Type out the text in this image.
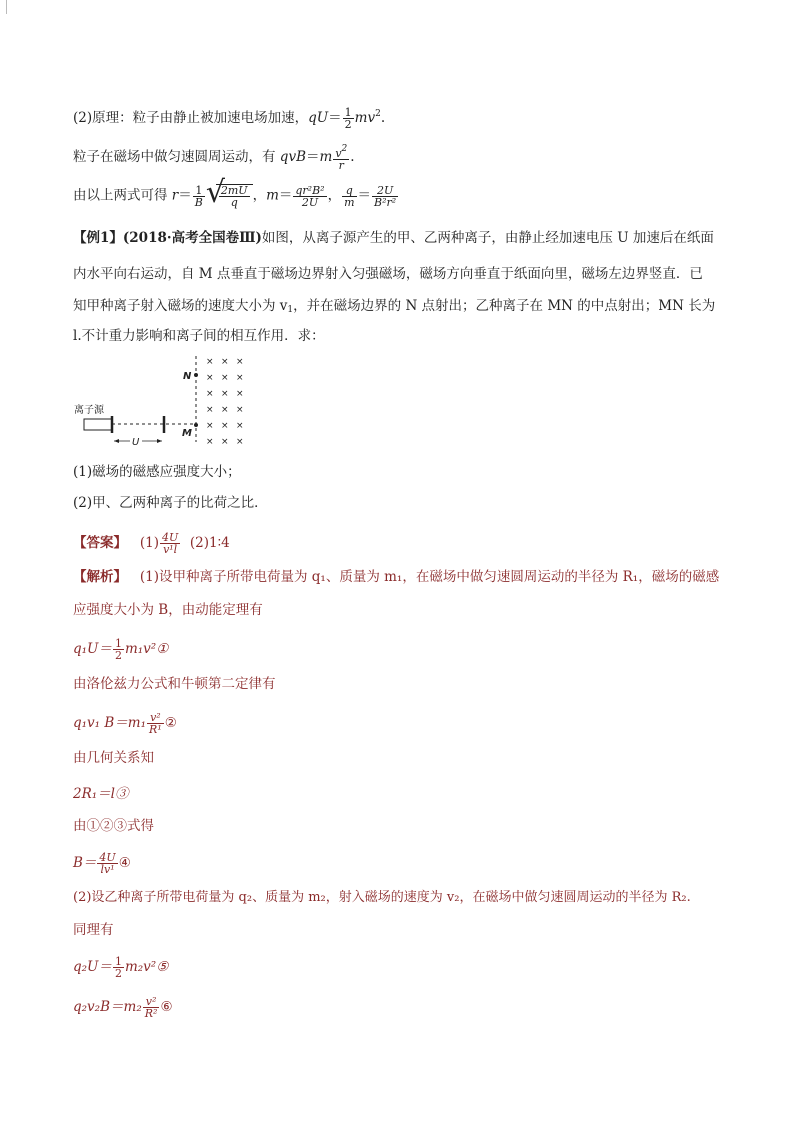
(2)原理：粒子由静止被加速电场加速，$qU= \frac{1}{2} mv^2$.
粒子在磁场中做匀速圆周运动，有 $qvB=m \frac{v^2}{r}$ .
由以上两式可得 $r= \frac{1}{B}$ √
$\frac{2mU}{q}$ ，$m= \frac{\text{qr²B²}}{2U}$ ， $\frac{q}{m} = \frac{2U}{\text{B²r²}}$
【例1】(2018·高考全国卷Ⅲ)如图，从离子源产生的甲、乙两种离子，由静止经加速电压 U 加速后在纸面
内水平向右运动，自 M 点垂直于磁场边界射入匀强磁场，磁场方向垂直于纸面向里，磁场左边界竖直．已
知甲种离子射入磁场的速度大小为 $v_1$，并在磁场边界的 N 点射出；乙种离子在 MN 的中点射出；MN 长为
l.不计重力影响和离子间的相互作用．求：
离子源
U
N
M
× × ×
× × ×
× × ×
× × ×
× × ×
× × ×
(1)磁场的磁感应强度大小；
(2)甲、乙两种离子的比荷之比．
【答案】 $(1) \frac{4U}{\text{v¹l}}$ (2)1∶4
【解析】 (1)设甲种离子所带电荷量为 q₁、质量为 m₁，在磁场中做匀速圆周运动的半径为 R₁，磁场的磁感
应强度大小为 B，由动能定理有
$q_1U= \frac{1}{2}$ m₁v²①
由洛伦兹力公式和牛顿第二定律有
q₁v₁ $B=m_1 \frac{\text{v²}}{\text{R¹}}$ ②
由几何关系知
2R₁＝l③
由①②③式得
$B= \frac{4U}{\text{lv¹}}$ ④
(2)设乙种离子所带电荷量为 q₂、质量为 m₂，射入磁场的速度为 v₂，在磁场中做匀速圆周运动的半径为 R₂.
同理有
$q_2U= \frac{1}{2}$ m₂v²⑤
$q_2v_2B=m_2 \frac{\text{v²}}{\text{R²}}$ ⑥
